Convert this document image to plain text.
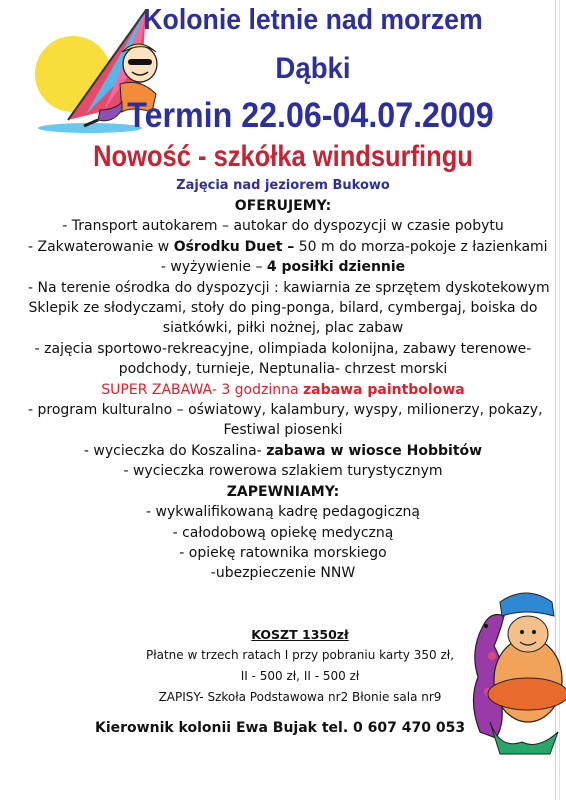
Kolonie letnie nad morzem
Dąbki
Termin 22.06-04.07.2009
Nowość - szkółka windsurfingu
Zajęcia nad jeziorem Bukowo
OFERUJEMY:
- Transport autokarem – autokar do dyspozycji w czasie pobytu
- Zakwaterowanie w Ośrodku Duet – 50 m do morza-pokoje z łazienkami
- wyżywienie – 4 posiłki dziennie
- Na terenie ośrodka do dyspozycji : kawiarnia ze sprzętem dyskotekowym
Sklepik ze słodyczami, stoły do ping-ponga, bilard, cymbergaj, boiska do
siatkówki, piłki nożnej, plac zabaw
- zajęcia sportowo-rekreacyjne, olimpiada kolonijna, zabawy terenowe-
podchody, turnieje, Neptunalia- chrzest morski
SUPER ZABAWA- 3 godzinna zabawa paintbolowa
- program kulturalno – oświatowy, kalambury, wyspy, milionerzy, pokazy,
Festiwal piosenki
- wycieczka do Koszalina- zabawa w wiosce Hobbitów
- wycieczka rowerowa szlakiem turystycznym
ZAPEWNIAMY:
- wykwalifikowaną kadrę pedagogiczną
- całodobową opiekę medyczną
- opiekę ratownika morskiego
-ubezpieczenie NNW
KOSZT 1350zł
Płatne w trzech ratach I przy pobraniu karty 350 zł,
II - 500 zł, II - 500 zł
ZAPISY- Szkoła Podstawowa nr2 Błonie sala nr9
Kierownik kolonii Ewa Bujak tel. 0 607 470 053
